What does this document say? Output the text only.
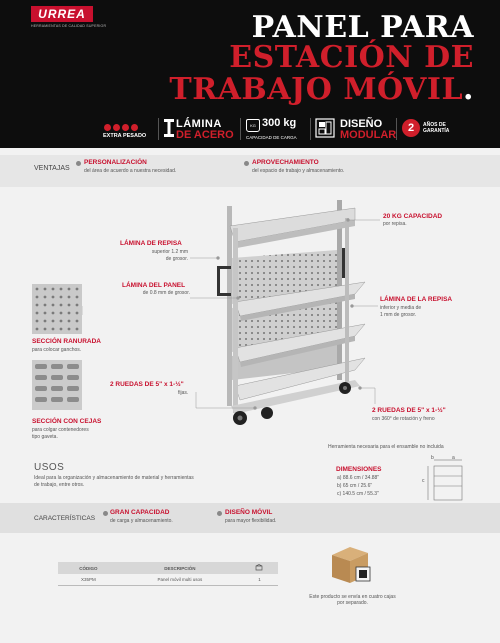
URREA
HERRAMIENTAS DE CALIDAD SUPERIOR	PANEL PARA
ESTACIÓN DE
TRABAJO MÓVIL.
EXTRA PESADO
LÁMINA
DE ACERO
KG 300 kg
CAPACIDAD DE CARGA
DISEÑO
MODULAR
2	AÑOS DE GARANTÍA
VENTAJAS
PERSONALIZACIÓN
del área de acuerdo a nuestra necesidad.
APROVECHAMIENTO
del espacio de trabajo y almacenamiento.
20 KG CAPACIDAD
por repisa.
LÁMINA DE REPISA
superior 1.2 mm
de grosor.
LÁMINA DEL PANEL
de 0.8 mm de grosor.
LÁMINA DE LA REPISA
inferior y media de
1 mm de grosor.
SECCIÓN RANURADA
para colocar ganchos.
SECCIÓN CON CEJAS
para colgar contenedores
tipo gaveta.
2 RUEDAS DE 5" x 1-½"
fijas.
2 RUEDAS DE 5" x 1-½"
con 360° de rotación y freno
Herramienta necesaria para el ensamble no incluida
b	a
c
DIMENSIONES
a) 88.6 cm / 34.88"
b) 65 cm / 25.6"
c) 140.5 cm / 55.3"
USOS
Ideal para la organización y almacenamiento de material y herramientas de trabajo, entre otros.
CARACTERÍSTICAS
GRAN CAPACIDAD
de carga y almacenamiento.
DISEÑO MÓVIL
para mayor flexibilidad.
CÓDIGO	DESCRIPCIÓN	
X35PM	Panel móvil multi usos	1
Este producto se envía en cuatro cajas por separado.
